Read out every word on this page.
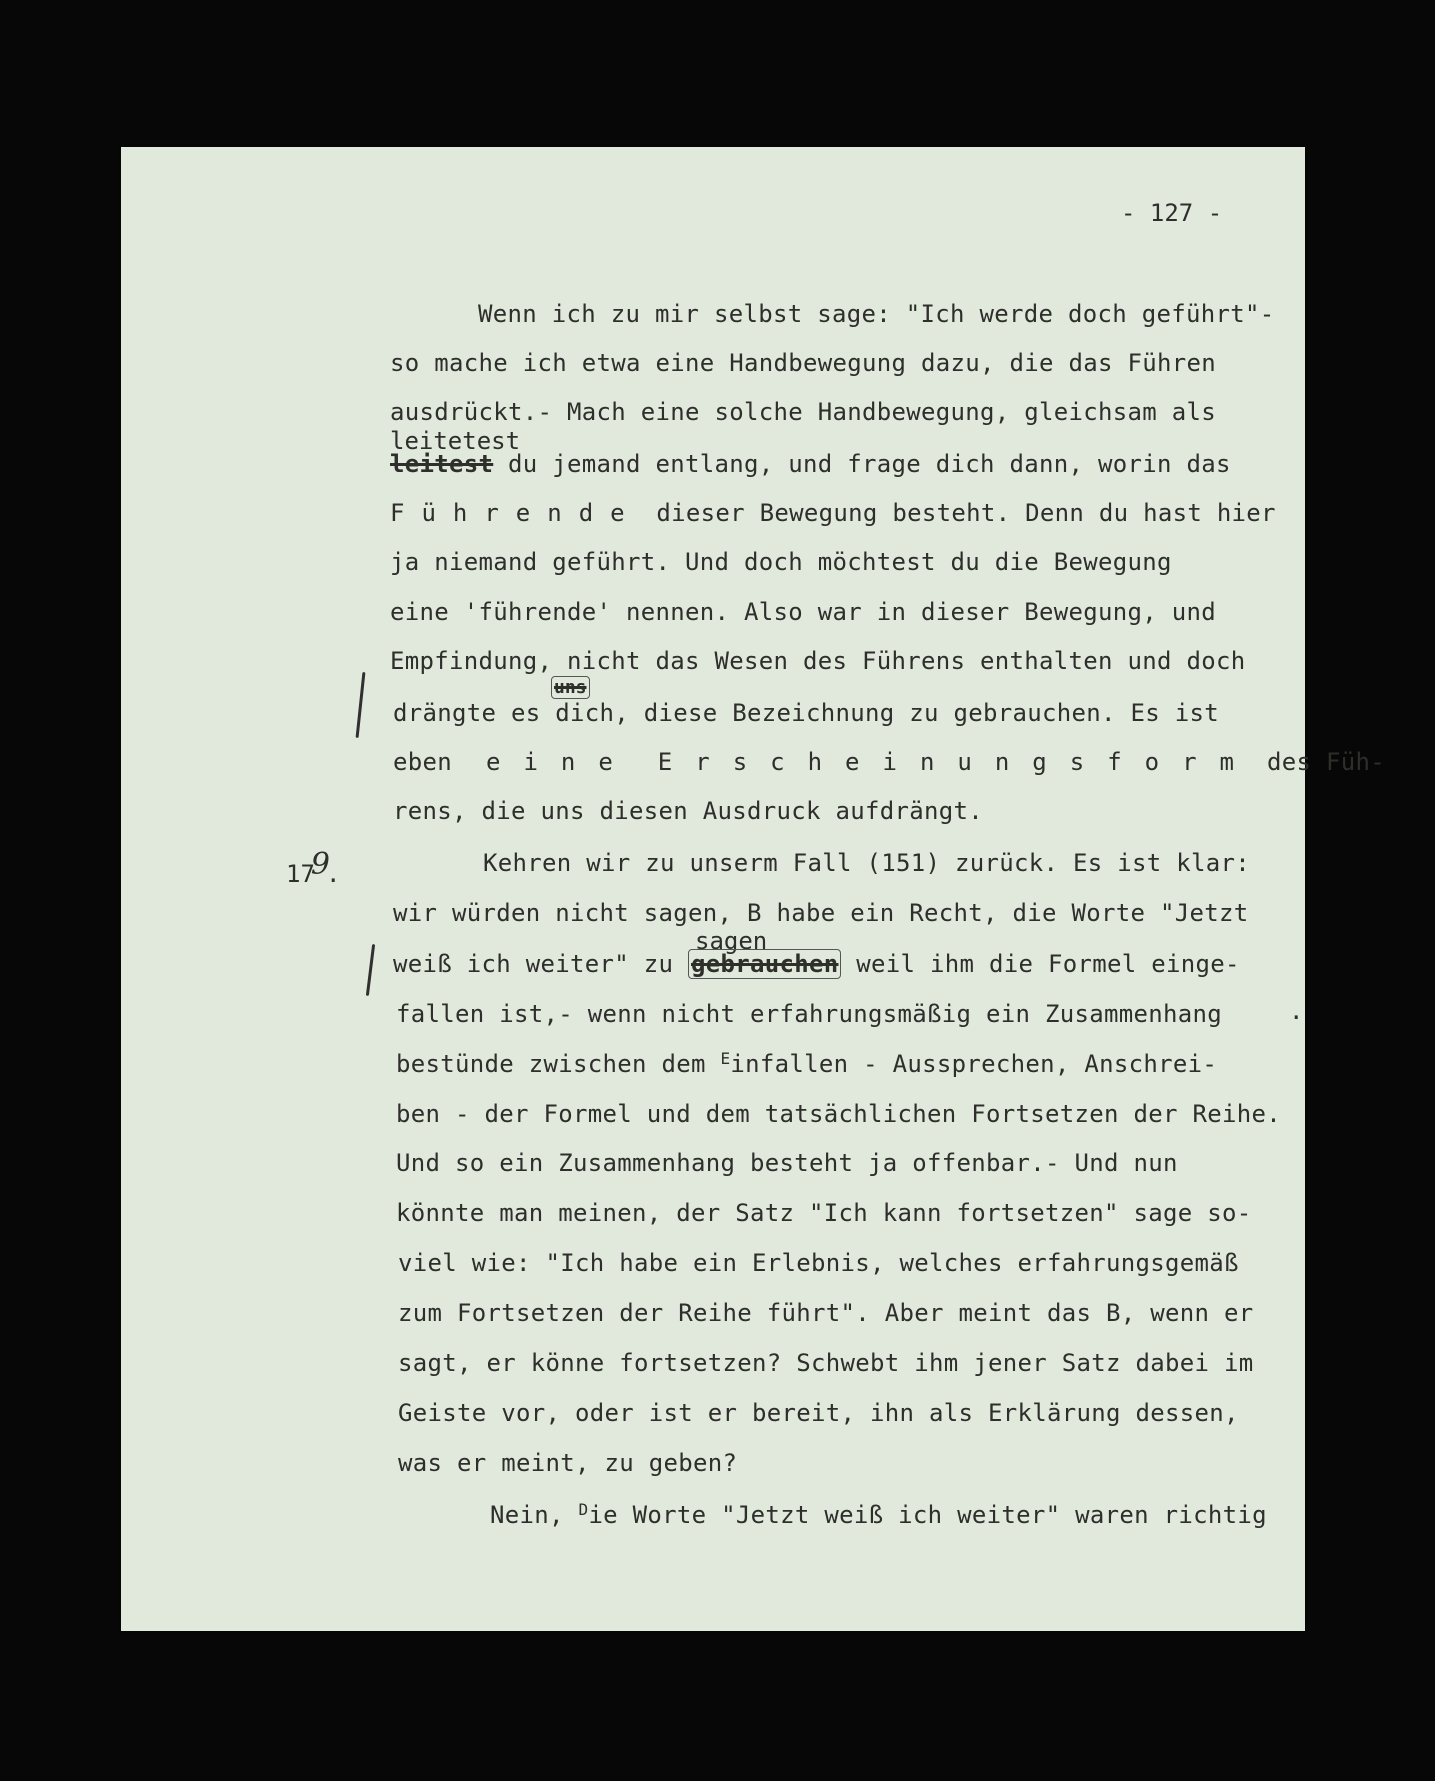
- 127 -
Wenn ich zu mir selbst sage: "Ich werde doch geführt"-
so mache ich etwa eine Handbewegung dazu, die das Führen
ausdrückt.- Mach eine solche Handbewegung, gleichsam als
leitetest
leitest du jemand entlang, und frage dich dann, worin das
Führende dieser Bewegung besteht. Denn du hast hier
ja niemand geführt. Und doch möchtest du die Bewegung
eine 'führende' nennen. Also war in dieser Bewegung, und
Empfindung, nicht das Wesen des Führens enthalten und doch
uns
drängte es dich, diese Bezeichnung zu gebrauchen. Es ist
eben eine Erscheinungsform des Füh-
rens, die uns diesen Ausdruck aufdrängt.
179.	Kehren wir zu unserm Fall (151) zurück. Es ist klar:
wir würden nicht sagen, B habe ein Recht, die Worte "Jetzt
sagen
weiß ich weiter" zu gebrauchen weil ihm die Formel einge-
fallen ist,- wenn nicht erfahrungsmäßig ein Zusammenhang	.
bestünde zwischen dem $^E$infallen - Aussprechen, Anschrei-
ben - der Formel und dem tatsächlichen Fortsetzen der Reihe.
Und so ein Zusammenhang besteht ja offenbar.- Und nun
könnte man meinen, der Satz "Ich kann fortsetzen" sage so-
viel wie: "Ich habe ein Erlebnis, welches erfahrungsgemäß
zum Fortsetzen der Reihe führt". Aber meint das B, wenn er
sagt, er könne fortsetzen? Schwebt ihm jener Satz dabei im
Geiste vor, oder ist er bereit, ihn als Erklärung dessen,
was er meint, zu geben?
Nein, $^D$ie Worte "Jetzt weiß ich weiter" waren richtig
